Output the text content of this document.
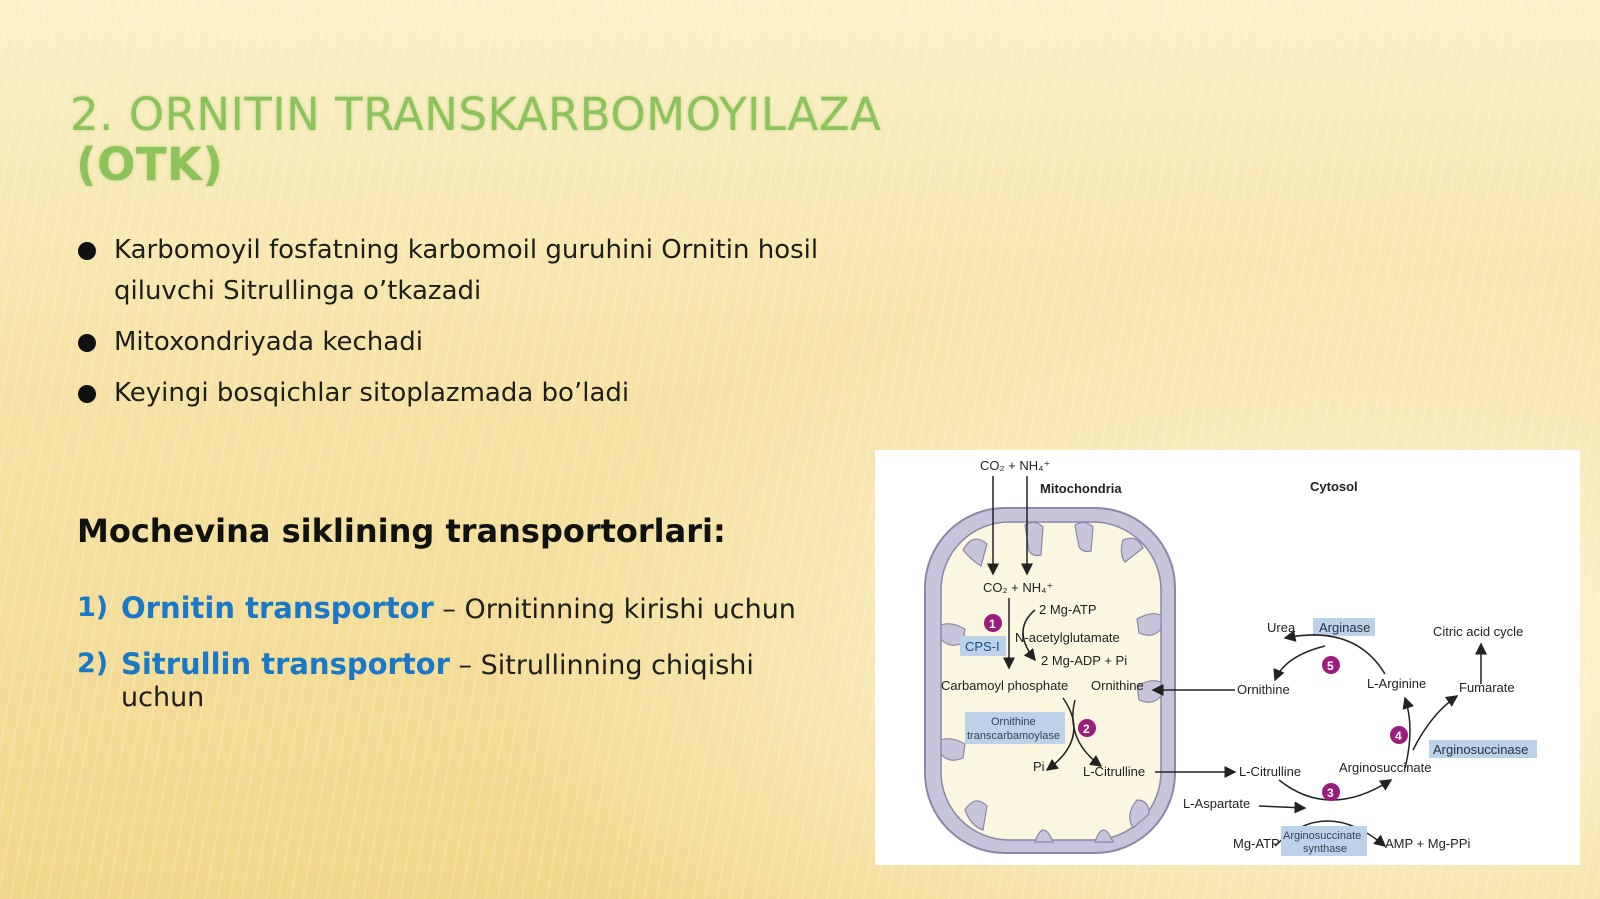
2. ORNITIN TRANSKARBOMOYILAZA
(OTK)
Karbomoyil fosfatning karbomoil guruhini Ornitin hosil qiluvchi Sitrullinga o’tkazadi
Mitoxondriyada kechadi
Keyingi bosqichlar sitoplazmada bo’ladi
Mochevina siklining transportorlari:
1) Ornitin transportor – Ornitinning kirishi uchun
2) Sitrullin transportor – Sitrullinning chiqishi uchun
CO₂ + NH₄⁺
Mitochondria	Cytosol
CO₂ + NH₄⁺
2 Mg-ATP
N-acetylglutamate
2 Mg-ADP + Pi
1
CPS-I
Carbamoyl phosphate Ornithine
Ornithine
transcarbamoylase 2
Pi	L-Citrulline
Ornithine
L-Citrulline
Urea Arginase	Citric acid cycle
5
L-Arginine	Fumarate
4
Arginosuccinase
Arginosuccinate
3
L-Aspartate
Mg-ATP Arginosuccinate
synthase	AMP + Mg-PPi
